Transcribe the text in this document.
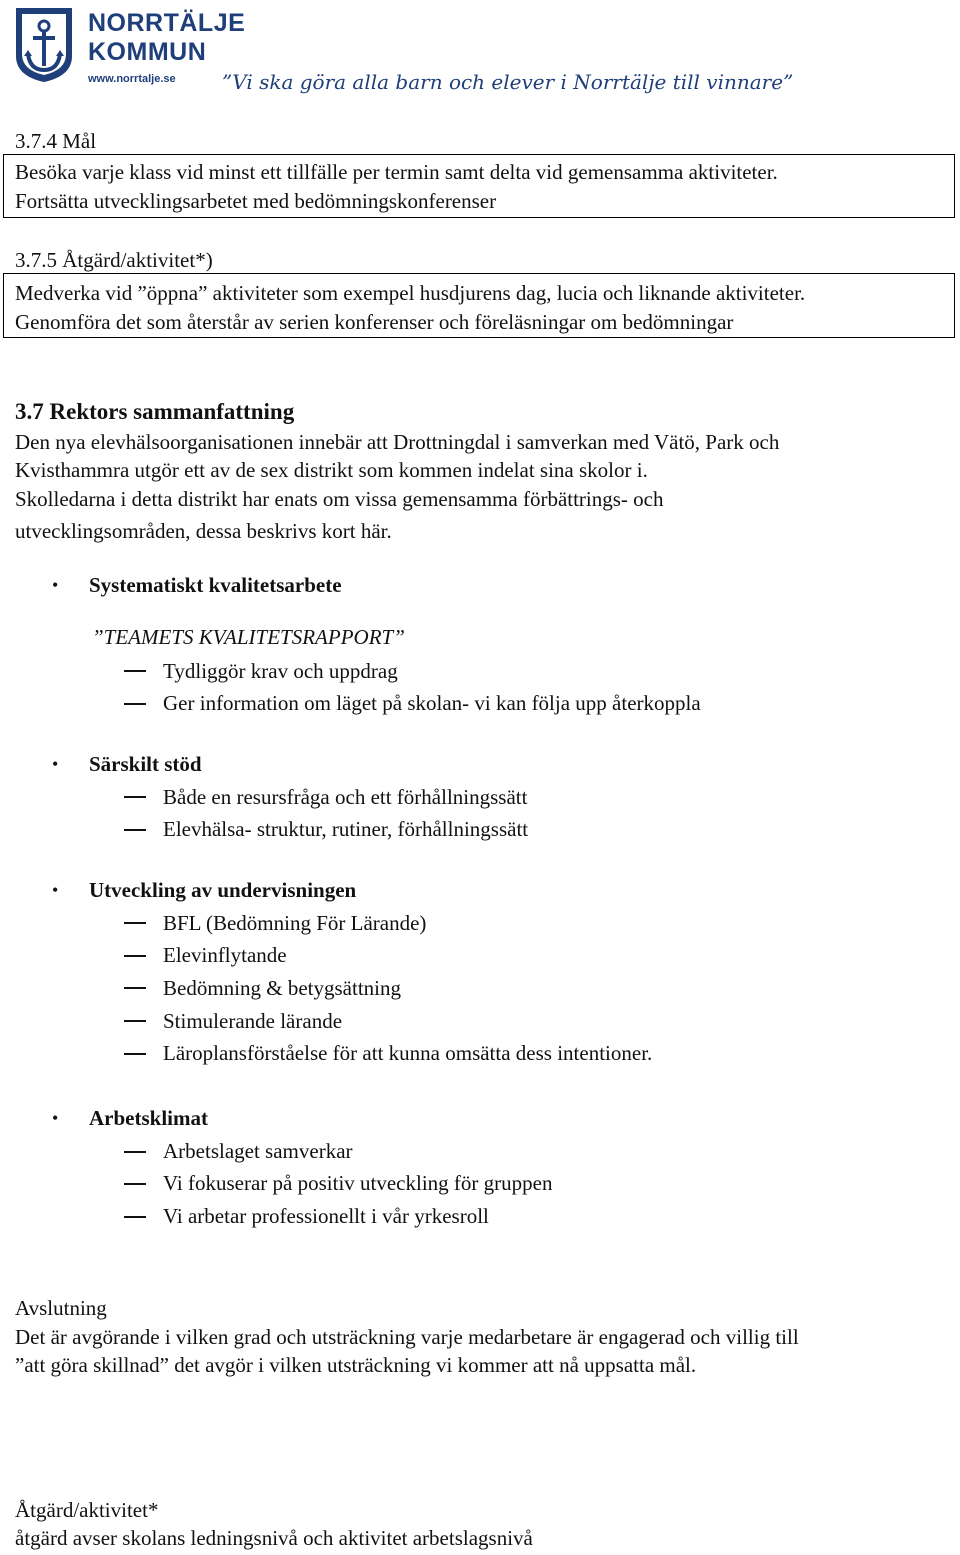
NORRTÄLJE
KOMMUN
www.norrtalje.se ”Vi ska göra alla barn och elever i Norrtälje till vinnare”
3.7.4 Mål
Besöka varje klass vid minst ett tillfälle per termin samt delta vid gemensamma aktiviteter.
Fortsätta utvecklingsarbetet med bedömningskonferenser
3.7.5 Åtgärd/aktivitet*)
Medverka vid ”öppna” aktiviteter som exempel husdjurens dag, lucia och liknande aktiviteter.
Genomföra det som återstår av serien konferenser och föreläsningar om bedömningar
3.7 Rektors sammanfattning
Den nya elevhälsoorganisationen innebär att Drottningdal i samverkan med Vätö, Park och
Kvisthammra utgör ett av de sex distrikt som kommen indelat sina skolor i.
Skolledarna i detta distrikt har enats om vissa gemensamma förbättrings- och
utvecklingsområden, dessa beskrivs kort här.
• Systematiskt kvalitetsarbete
”TEAMETS KVALITETSRAPPORT”
Tydliggör krav och uppdrag
Ger information om läget på skolan- vi kan följa upp återkoppla
• Särskilt stöd
Både en resursfråga och ett förhållningssätt
Elevhälsa- struktur, rutiner, förhållningssätt
• Utveckling av undervisningen
BFL (Bedömning För Lärande)
Elevinflytande
Bedömning & betygsättning
Stimulerande lärande
Läroplansförståelse för att kunna omsätta dess intentioner.
• Arbetsklimat
Arbetslaget samverkar
Vi fokuserar på positiv utveckling för gruppen
Vi arbetar professionellt i vår yrkesroll
Avslutning
Det är avgörande i vilken grad och utsträckning varje medarbetare är engagerad och villig till
”att göra skillnad” det avgör i vilken utsträckning vi kommer att nå uppsatta mål.
Åtgärd/aktivitet*
åtgärd avser skolans ledningsnivå och aktivitet arbetslagsnivå
